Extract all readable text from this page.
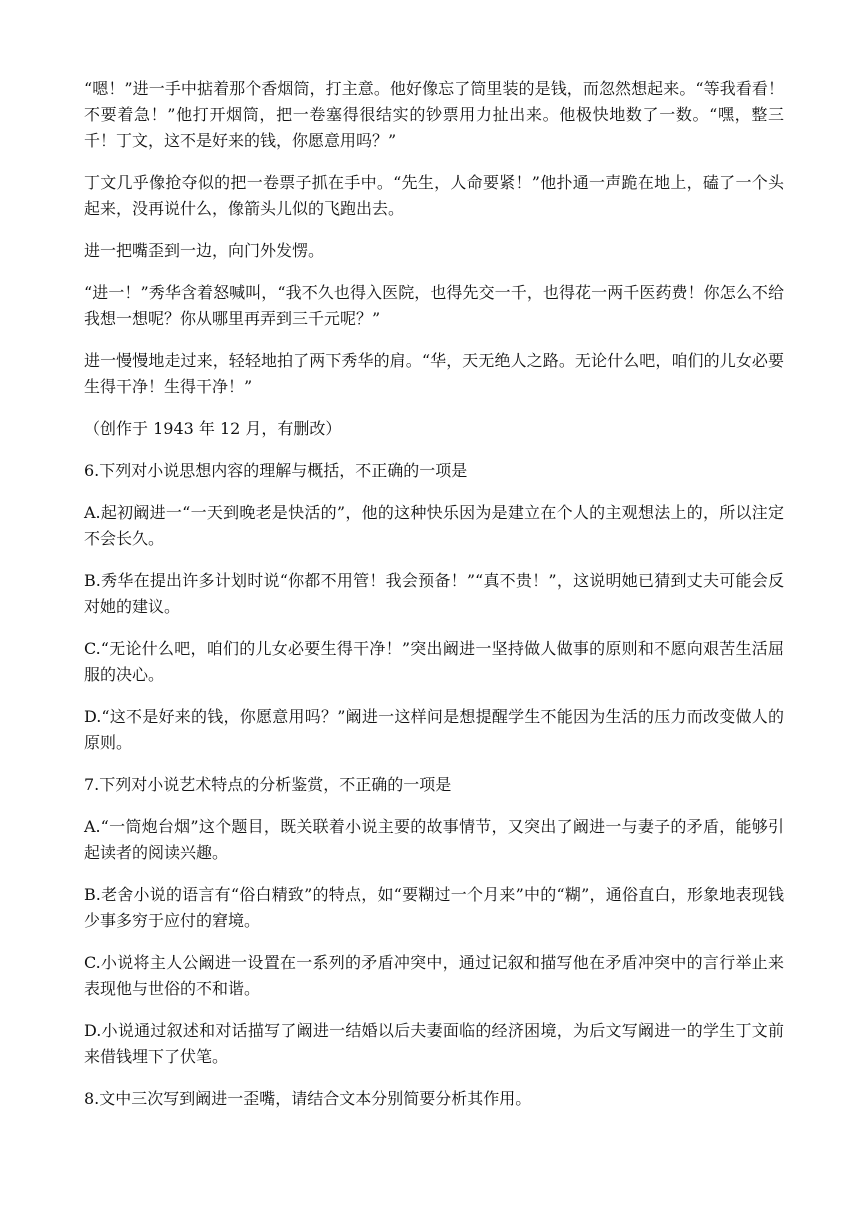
“嗯！”进一手中掂着那个香烟筒，打主意。他好像忘了筒里装的是钱，而忽然想起来。“等我看看！不要着急！”他打开烟筒，把一卷塞得很结实的钞票用力扯出来。他极快地数了一数。“嘿，整三千！丁文，这不是好来的钱，你愿意用吗？”

丁文几乎像抢夺似的把一卷票子抓在手中。“先生，人命要紧！”他扑通一声跪在地上，磕了一个头起来，没再说什么，像箭头儿似的飞跑出去。

进一把嘴歪到一边，向门外发愣。

“进一！”秀华含着怒喊叫，“我不久也得入医院，也得先交一千，也得花一两千医药费！你怎么不给我想一想呢？你从哪里再弄到三千元呢？”

进一慢慢地走过来，轻轻地拍了两下秀华的肩。“华，天无绝人之路。无论什么吧，咱们的儿女必要生得干净！生得干净！”

（创作于 1943 年 12 月，有删改）

6.下列对小说思想内容的理解与概括，不正确的一项是

A.起初阚进一“一天到晚老是快活的”，他的这种快乐因为是建立在个人的主观想法上的，所以注定不会长久。

B.秀华在提出许多计划时说“你都不用管！我会预备！”“真不贵！”，这说明她已猜到丈夫可能会反对她的建议。

C.“无论什么吧，咱们的儿女必要生得干净！”突出阚进一坚持做人做事的原则和不愿向艰苦生活屈服的决心。

D.“这不是好来的钱，你愿意用吗？”阚进一这样问是想提醒学生不能因为生活的压力而改变做人的原则。

7.下列对小说艺术特点的分析鉴赏，不正确的一项是

A.“一筒炮台烟”这个题目，既关联着小说主要的故事情节，又突出了阚进一与妻子的矛盾，能够引起读者的阅读兴趣。

B.老舍小说的语言有“俗白精致”的特点，如“要糊过一个月来”中的“糊”，通俗直白，形象地表现钱少事多穷于应付的窘境。

C.小说将主人公阚进一设置在一系列的矛盾冲突中，通过记叙和描写他在矛盾冲突中的言行举止来表现他与世俗的不和谐。

D.小说通过叙述和对话描写了阚进一结婚以后夫妻面临的经济困境，为后文写阚进一的学生丁文前来借钱埋下了伏笔。

8.文中三次写到阚进一歪嘴，请结合文本分别简要分析其作用。
